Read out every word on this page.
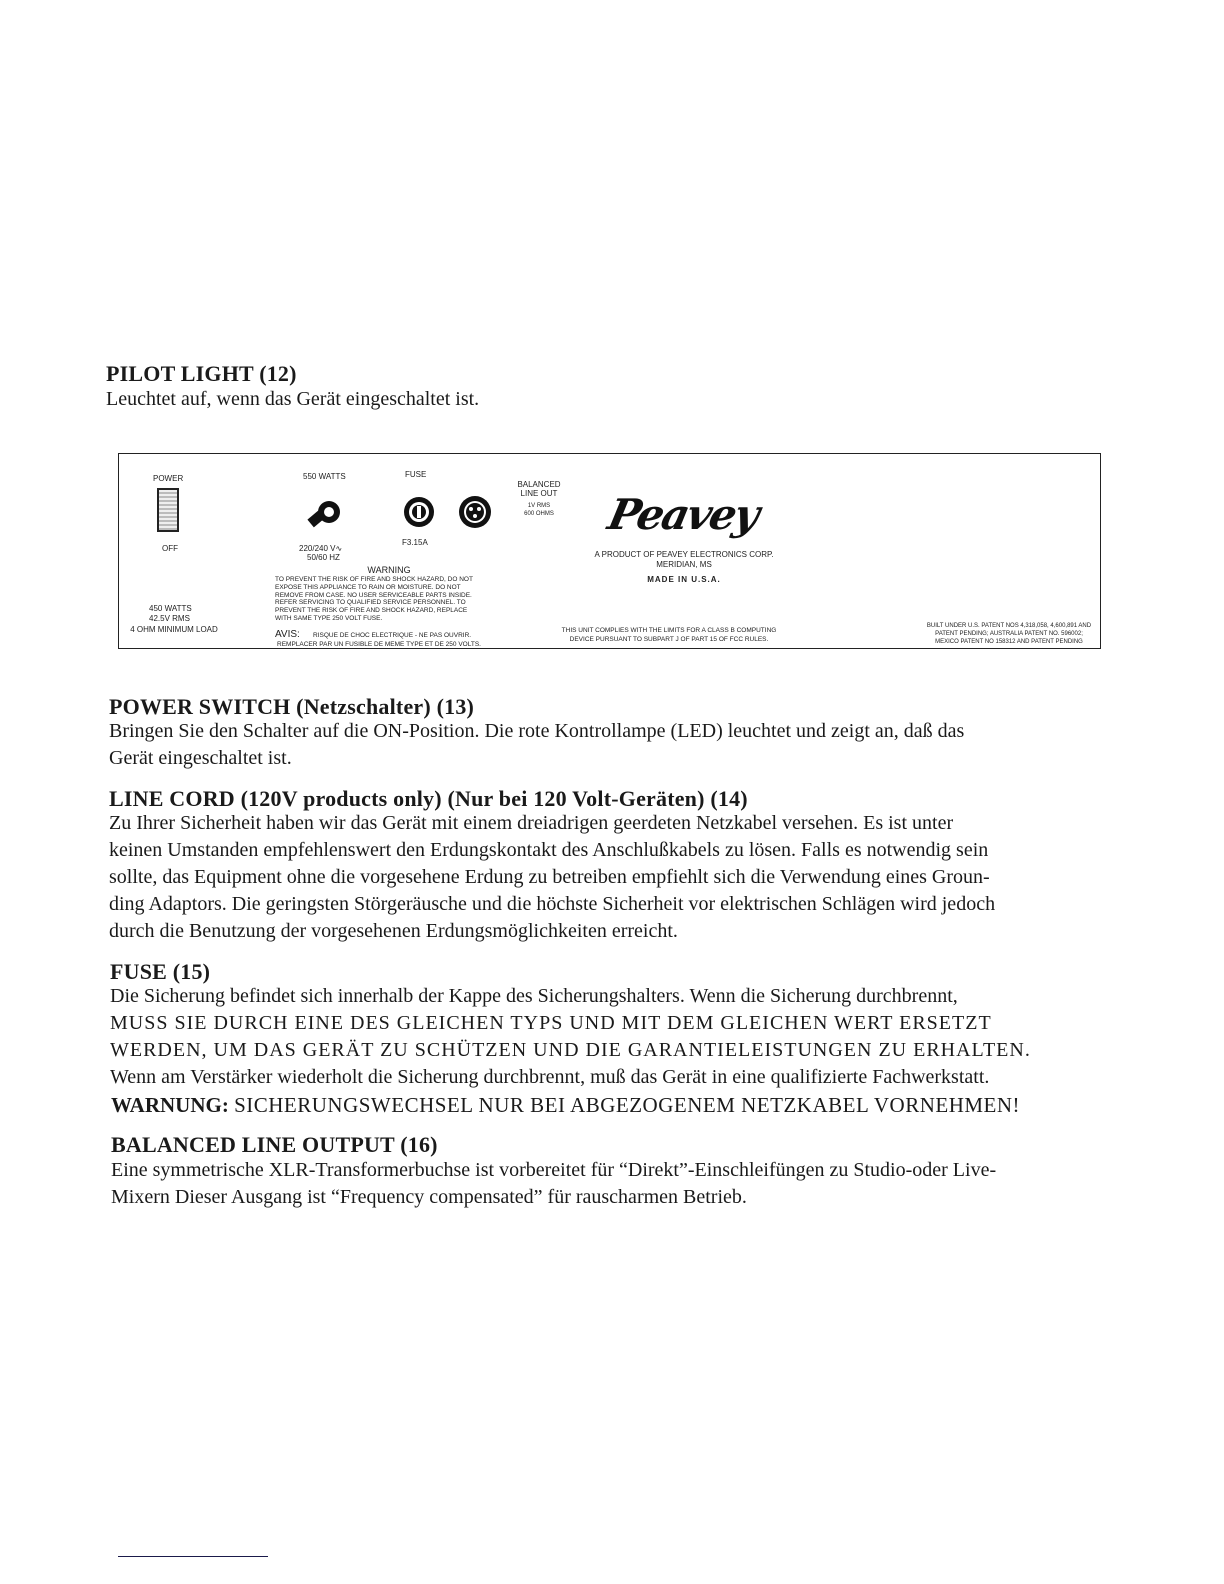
PILOT LIGHT (12)
Leuchtet auf, wenn das Gerät eingeschaltet ist.
POWER
OFF
450 WATTS
42.5V RMS
4 OHM MINIMUM LOAD
550 WATTS
220/240 V∿
50/60 HZ
FUSE
F3.15A
BALANCED
LINE OUT
1V RMS
600 OHMS	Peavey
A PRODUCT OF PEAVEY ELECTRONICS CORP.
MERIDIAN, MS
MADE IN U.S.A.
WARNING
TO PREVENT THE RISK OF FIRE AND SHOCK HAZARD, DO NOT
EXPOSE THIS APPLIANCE TO RAIN OR MOISTURE. DO NOT
REMOVE FROM CASE. NO USER SERVICEABLE PARTS INSIDE.
REFER SERVICING TO QUALIFIED SERVICE PERSONNEL. TO
PREVENT THE RISK OF FIRE AND SHOCK HAZARD, REPLACE
WITH SAME TYPE 250 VOLT FUSE.
AVIS: RISQUE DE CHOC ELECTRIQUE - NE PAS OUVRIR.
REMPLACER PAR UN FUSIBLE DE MEME TYPE ET DE 250 VOLTS.
THIS UNIT COMPLIES WITH THE LIMITS FOR A CLASS B COMPUTING
DEVICE PURSUANT TO SUBPART J OF PART 15 OF FCC RULES.
BUILT UNDER U.S. PATENT NOS 4,318,058, 4,600,891 AND
PATENT PENDING; AUSTRALIA PATENT NO. 596002;
MEXICO PATENT NO 158312 AND PATENT PENDING
POWER SWITCH (Netzschalter) (13)
Bringen Sie den Schalter auf die ON-Position. Die rote Kontrollampe (LED) leuchtet und zeigt an, daß das
Gerät eingeschaltet ist.
LINE CORD (120V products only) (Nur bei 120 Volt-Geräten) (14)
Zu Ihrer Sicherheit haben wir das Gerät mit einem dreiadrigen geerdeten Netzkabel versehen. Es ist unter
keinen Umstanden empfehlenswert den Erdungskontakt des Anschlußkabels zu lösen. Falls es notwendig sein
sollte, das Equipment ohne die vorgesehene Erdung zu betreiben empfiehlt sich die Verwendung eines Groun-
ding Adaptors. Die geringsten Störgeräusche und die höchste Sicherheit vor elektrischen Schlägen wird jedoch
durch die Benutzung der vorgesehenen Erdungsmöglichkeiten erreicht.
FUSE (15)
Die Sicherung befindet sich innerhalb der Kappe des Sicherungshalters. Wenn die Sicherung durchbrennt,
MUSS SIE DURCH EINE DES GLEICHEN TYPS UND MIT DEM GLEICHEN WERT ERSETZT
WERDEN, UM DAS GERÄT ZU SCHÜTZEN UND DIE GARANTIELEISTUNGEN ZU ERHALTEN.
Wenn am Verstärker wiederholt die Sicherung durchbrennt, muß das Gerät in eine qualifizierte Fachwerkstatt.
WARNUNG: SICHERUNGSWECHSEL NUR BEI ABGEZOGENEM NETZKABEL VORNEHMEN!
BALANCED LINE OUTPUT (16)
Eine symmetrische XLR-Transformerbuchse ist vorbereitet für “Direkt”-Einschleifüngen zu Studio-oder Live-
Mixern Dieser Ausgang ist “Frequency compensated” für rauscharmen Betrieb.
